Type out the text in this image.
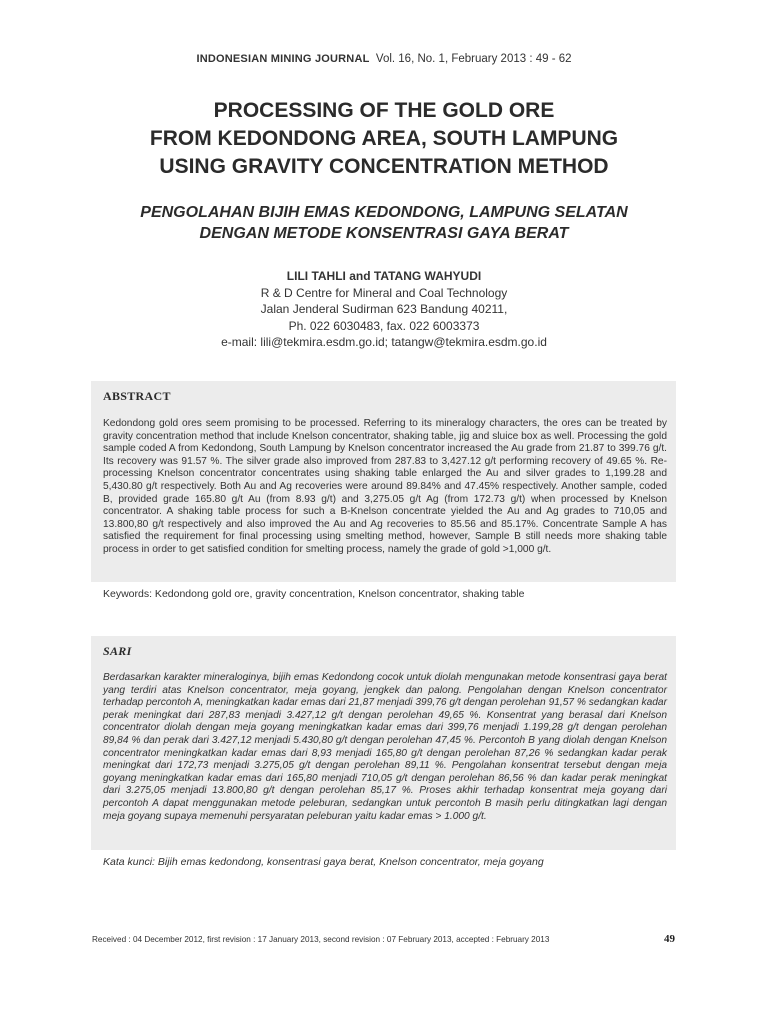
INDONESIAN MINING JOURNAL Vol. 16, No. 1, February 2013 : 49 - 62
PROCESSING OF THE GOLD ORE
FROM KEDONDONG AREA, SOUTH LAMPUNG
USING GRAVITY CONCENTRATION METHOD
PENGOLAHAN BIJIH EMAS KEDONDONG, LAMPUNG SELATAN
DENGAN METODE KONSENTRASI GAYA BERAT
LILI TAHLI and TATANG WAHYUDI
R & D Centre for Mineral and Coal Technology
Jalan Jenderal Sudirman 623 Bandung 40211,
Ph. 022 6030483, fax. 022 6003373
e-mail: lili@tekmira.esdm.go.id; tatangw@tekmira.esdm.go.id
ABSTRACT

Kedondong gold ores seem promising to be processed. Referring to its mineralogy characters, the ores can be treated by gravity concentration method that include Knelson concentrator, shaking table, jig and sluice box as well. Processing the gold sample coded A from Kedondong, South Lampung by Knelson concentrator increased the Au grade from 21.87 to 399.76 g/t. Its recovery was 91.57 %. The silver grade also improved from 287.83 to 3,427.12 g/t performing recovery of 49.65 %. Re-processing Knelson concentrator concentrates using shaking table enlarged the Au and silver grades to 1,199.28 and 5,430.80 g/t respectively. Both Au and Ag recoveries were around 89.84% and 47.45% respectively. Another sample, coded B, provided grade 165.80 g/t Au (from 8.93 g/t) and 3,275.05 g/t Ag (from 172.73 g/t) when processed by Knelson concentrator. A shaking table process for such a B-Knelson concentrate yielded the Au and Ag grades to 710,05 and 13.800,80 g/t respectively and also improved the Au and Ag recoveries to 85.56 and 85.17%. Concentrate Sample A has satisfied the requirement for final processing using smelting method, however, Sample B still needs more shaking table process in order to get satisfied condition for smelting process, namely the grade of gold >1,000 g/t.

Keywords: Kedondong gold ore, gravity concentration, Knelson concentrator, shaking table
SARI

Berdasarkan karakter mineraloginya, bijih emas Kedondong cocok untuk diolah mengunakan metode konsentrasi gaya berat yang terdiri atas Knelson concentrator, meja goyang, jengkek dan palong. Pengolahan dengan Knelson concentrator terhadap percontoh A, meningkatkan kadar emas dari 21,87 menjadi 399,76 g/t dengan perolehan 91,57 % sedangkan kadar perak meningkat dari 287,83 menjadi 3.427,12 g/t dengan perolehan 49,65 %. Konsentrat yang berasal dari Knelson concentrator diolah dengan meja goyang meningkatkan kadar emas dari 399,76 menjadi 1.199,28 g/t dengan perolehan 89,84 % dan perak dari 3.427,12 menjadi 5.430,80 g/t dengan perolehan 47,45 %. Percontoh B yang diolah dengan Knelson concentrator meningkatkan kadar emas dari 8,93 menjadi 165,80 g/t dengan perolehan 87,26 % sedangkan kadar perak meningkat dari 172,73 menjadi 3.275,05 g/t dengan perolehan 89,11 %. Pengolahan konsentrat tersebut dengan meja goyang meningkatkan kadar emas dari 165,80 menjadi 710,05 g/t dengan perolehan 86,56 % dan kadar perak meningkat dari 3.275,05 menjadi 13.800,80 g/t dengan perolehan 85,17 %. Proses akhir terhadap konsentrat meja goyang dari percontoh A dapat menggunakan metode peleburan, sedangkan untuk percontoh B masih perlu ditingkatkan lagi dengan meja goyang supaya memenuhi persyaratan peleburan yaitu kadar emas > 1.000 g/t.

Kata kunci: Bijih emas kedondong, konsentrasi gaya berat, Knelson concentrator, meja goyang
Received : 04 December 2012, first revision : 17 January 2013, second revision : 07 February 2013, accepted : February 2013	49
